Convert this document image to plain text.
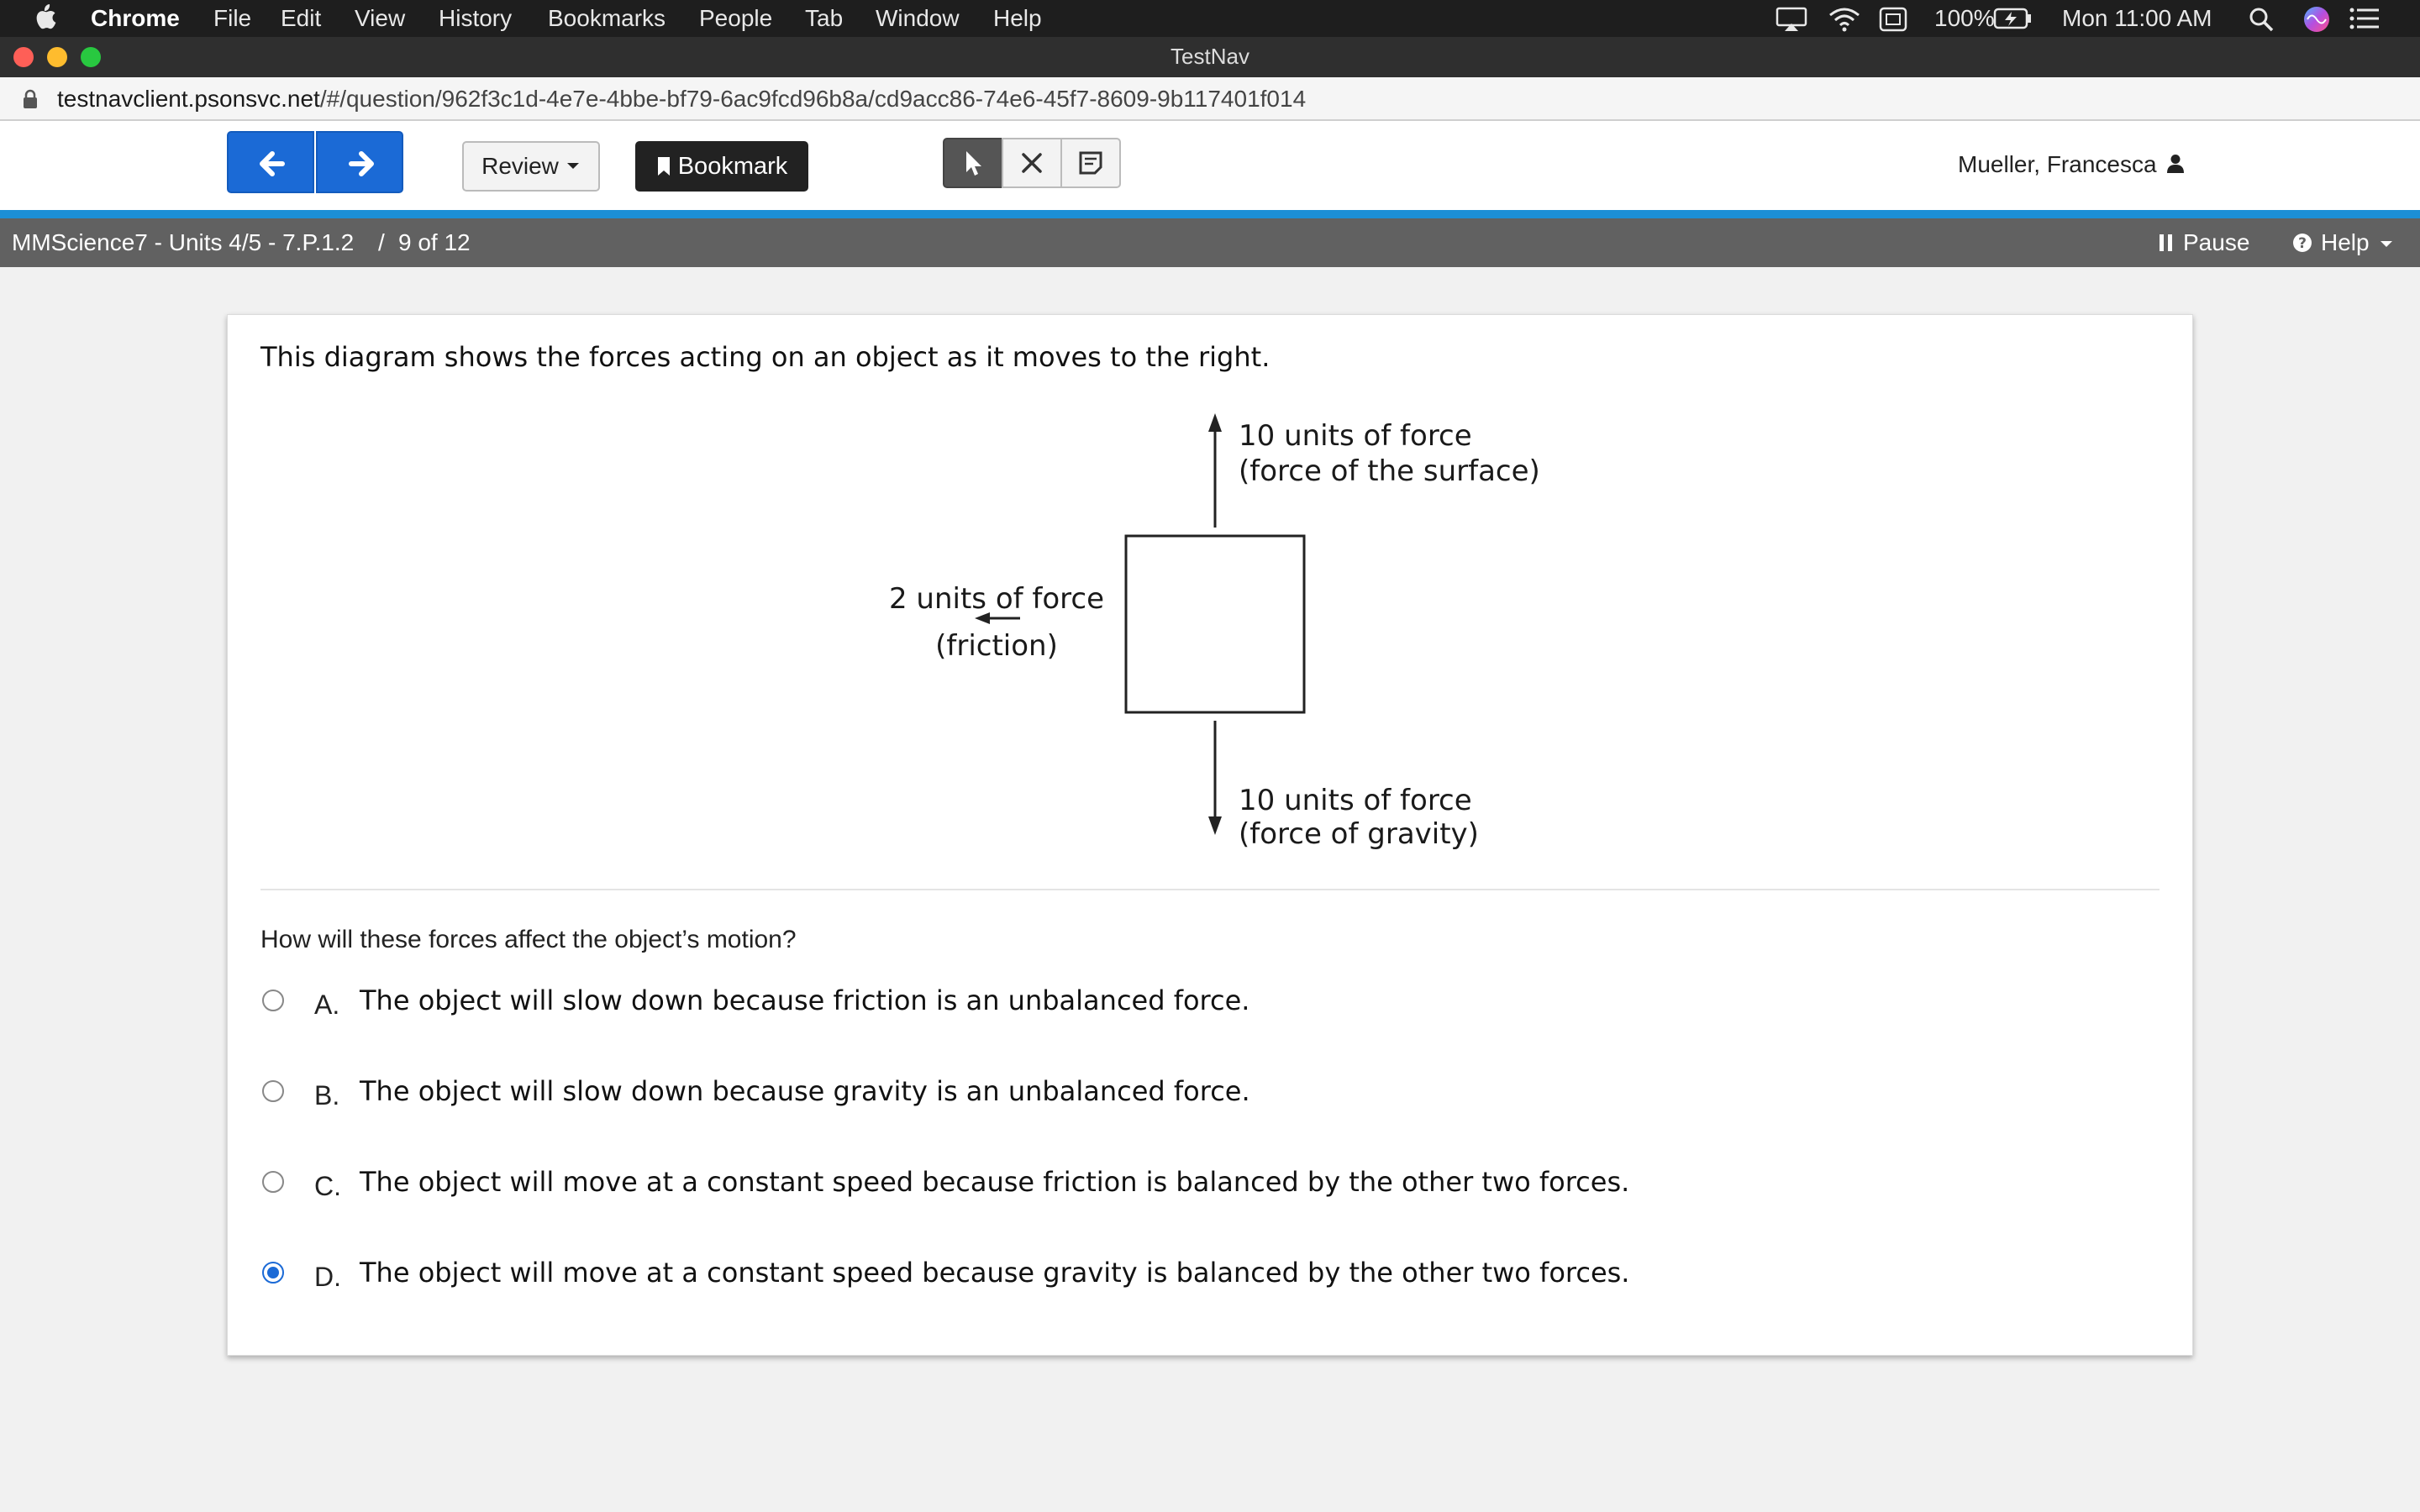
Chrome File Edit View History Bookmarks People Tab Window Help	100%	Mon 11:00 AM
TestNav
testnavclient.psonsvc.net/#/question/962f3c1d-4e7e-4bbe-bf79-6ac9fcd96b8a/cd9acc86-74e6-45f7-8609-9b117401f014
Review	Bookmark	Mueller, Francesca
MMScience7 - Units 4/5 - 7.P.1.2 / 9 of 12	Pause	? Help
This diagram shows the forces acting on an object as it moves to the right.
10 units of force
(force of the surface)
2 units of force
(friction)
10 units of force
(force of gravity)
How will these forces affect the object’s motion?
A. The object will slow down because friction is an unbalanced force.
B. The object will slow down because gravity is an unbalanced force.
C. The object will move at a constant speed because friction is balanced by the other two forces.
D. The object will move at a constant speed because gravity is balanced by the other two forces.
